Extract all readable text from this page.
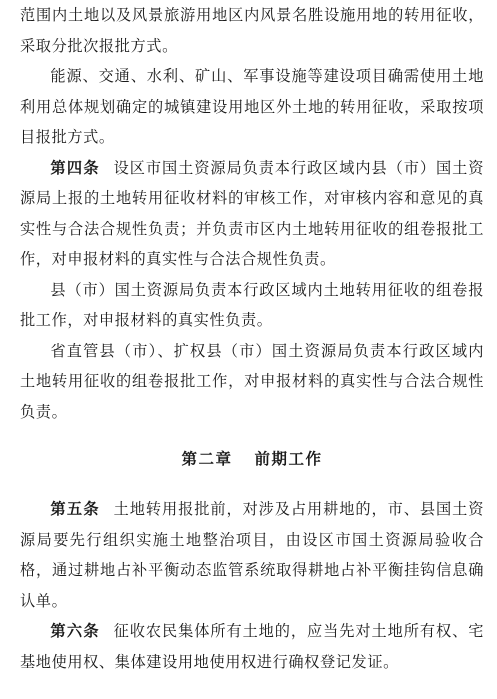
范围内土地以及风景旅游用地区内风景名胜设施用地的转用征收，采取分批次报批方式。

能源、交通、水利、矿山、军事设施等建设项目确需使用土地利用总体规划确定的城镇建设用地区外土地的转用征收，采取按项目报批方式。

第四条 设区市国土资源局负责本行政区域内县（市）国土资源局上报的土地转用征收材料的审核工作，对审核内容和意见的真实性与合法合规性负责；并负责市区内土地转用征收的组卷报批工作，对申报材料的真实性与合法合规性负责。

县（市）国土资源局负责本行政区域内土地转用征收的组卷报批工作，对申报材料的真实性负责。

省直管县（市）、扩权县（市）国土资源局负责本行政区域内土地转用征收的组卷报批工作，对申报材料的真实性与合法合规性负责。

第二章 前期工作

第五条 土地转用报批前，对涉及占用耕地的，市、县国土资源局要先行组织实施土地整治项目，由设区市国土资源局验收合格，通过耕地占补平衡动态监管系统取得耕地占补平衡挂钩信息确认单。

第六条 征收农民集体所有土地的，应当先对土地所有权、宅基地使用权、集体建设用地使用权进行确权登记发证。
